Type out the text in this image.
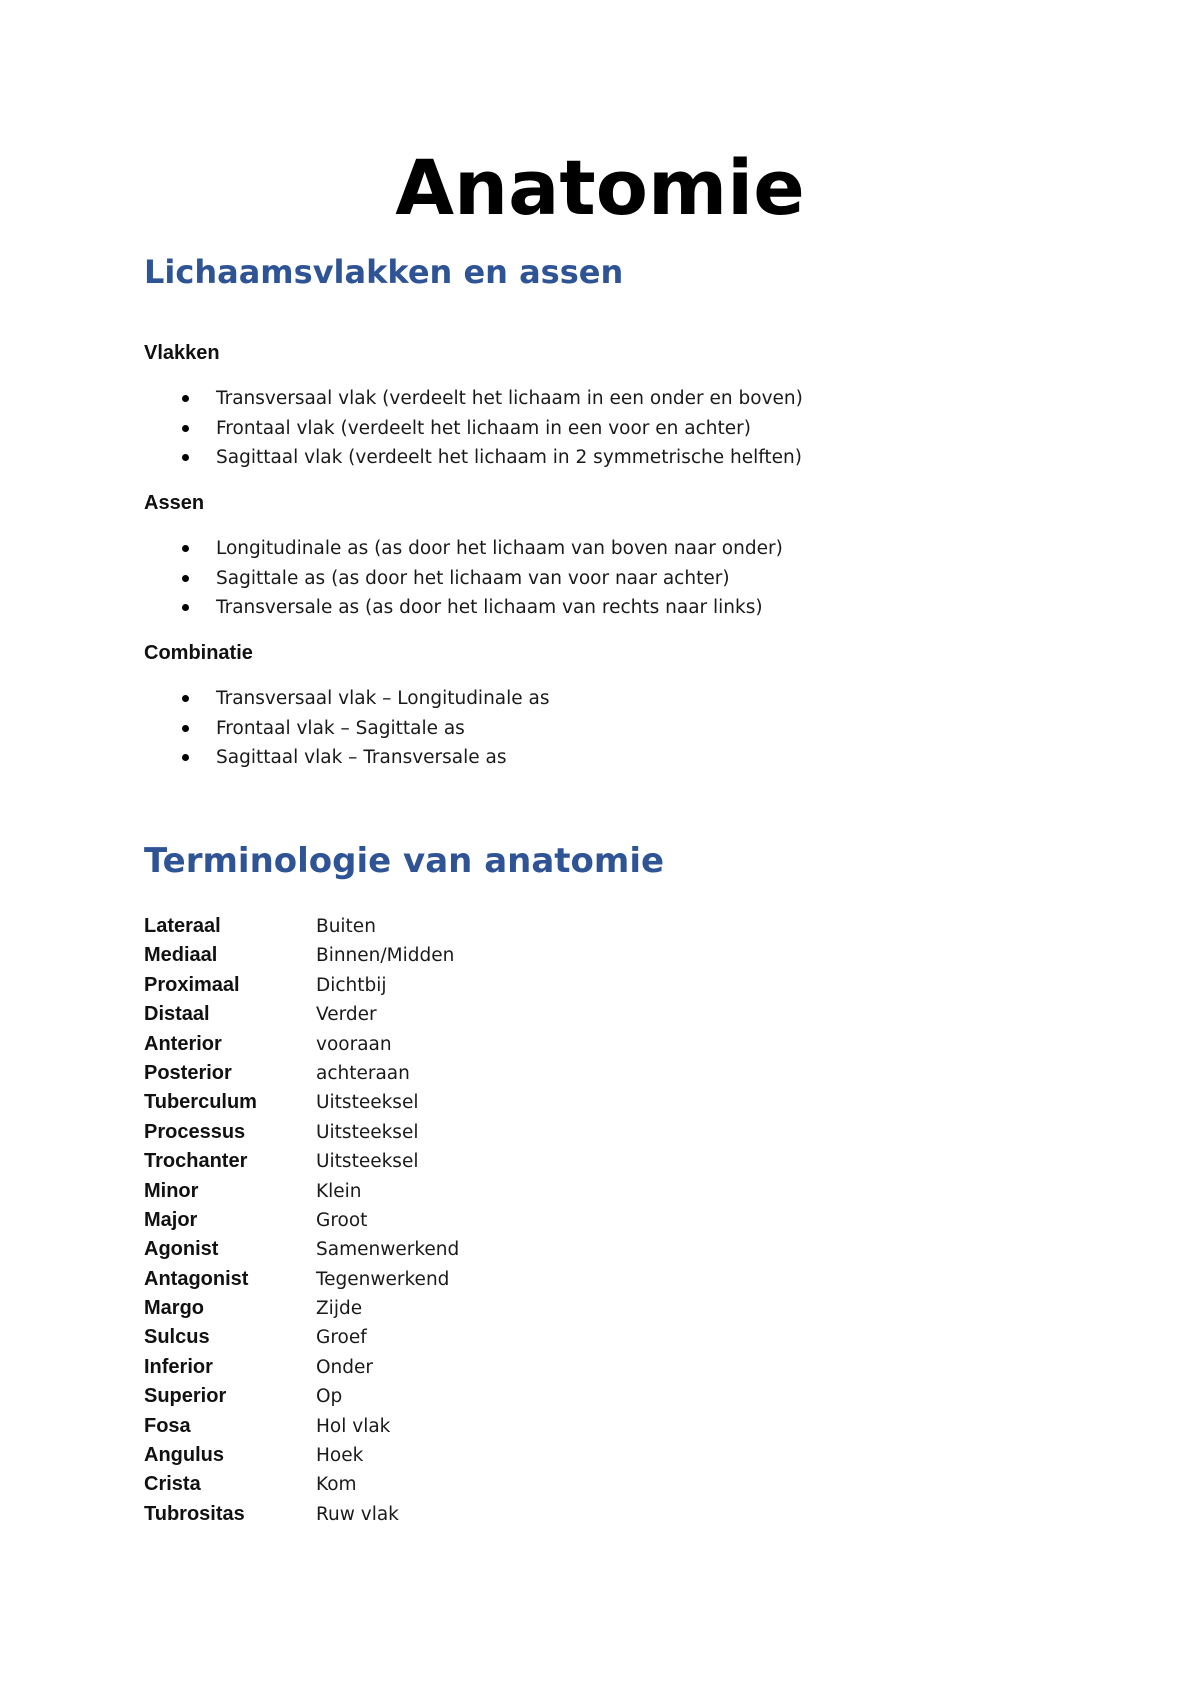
Anatomie
Lichaamsvlakken en assen
Vlakken
Transversaal vlak (verdeelt het lichaam in een onder en boven)
Frontaal vlak (verdeelt het lichaam in een voor en achter)
Sagittaal vlak (verdeelt het lichaam in 2 symmetrische helften)
Assen
Longitudinale as (as door het lichaam van boven naar onder)
Sagittale as (as door het lichaam van voor naar achter)
Transversale as (as door het lichaam van rechts naar links)
Combinatie
Transversaal vlak – Longitudinale as
Frontaal vlak – Sagittale as
Sagittaal vlak – Transversale as
Terminologie van anatomie
Lateraal	Buiten
Mediaal	Binnen/Midden
Proximaal	Dichtbij
Distaal	Verder
Anterior	vooraan
Posterior	achteraan
Tuberculum	Uitsteeksel
Processus	Uitsteeksel
Trochanter	Uitsteeksel
Minor	Klein
Major	Groot
Agonist	Samenwerkend
Antagonist	Tegenwerkend
Margo	Zijde
Sulcus	Groef
Inferior	Onder
Superior	Op
Fosa	Hol vlak
Angulus	Hoek
Crista	Kom
Tubrositas	Ruw vlak
